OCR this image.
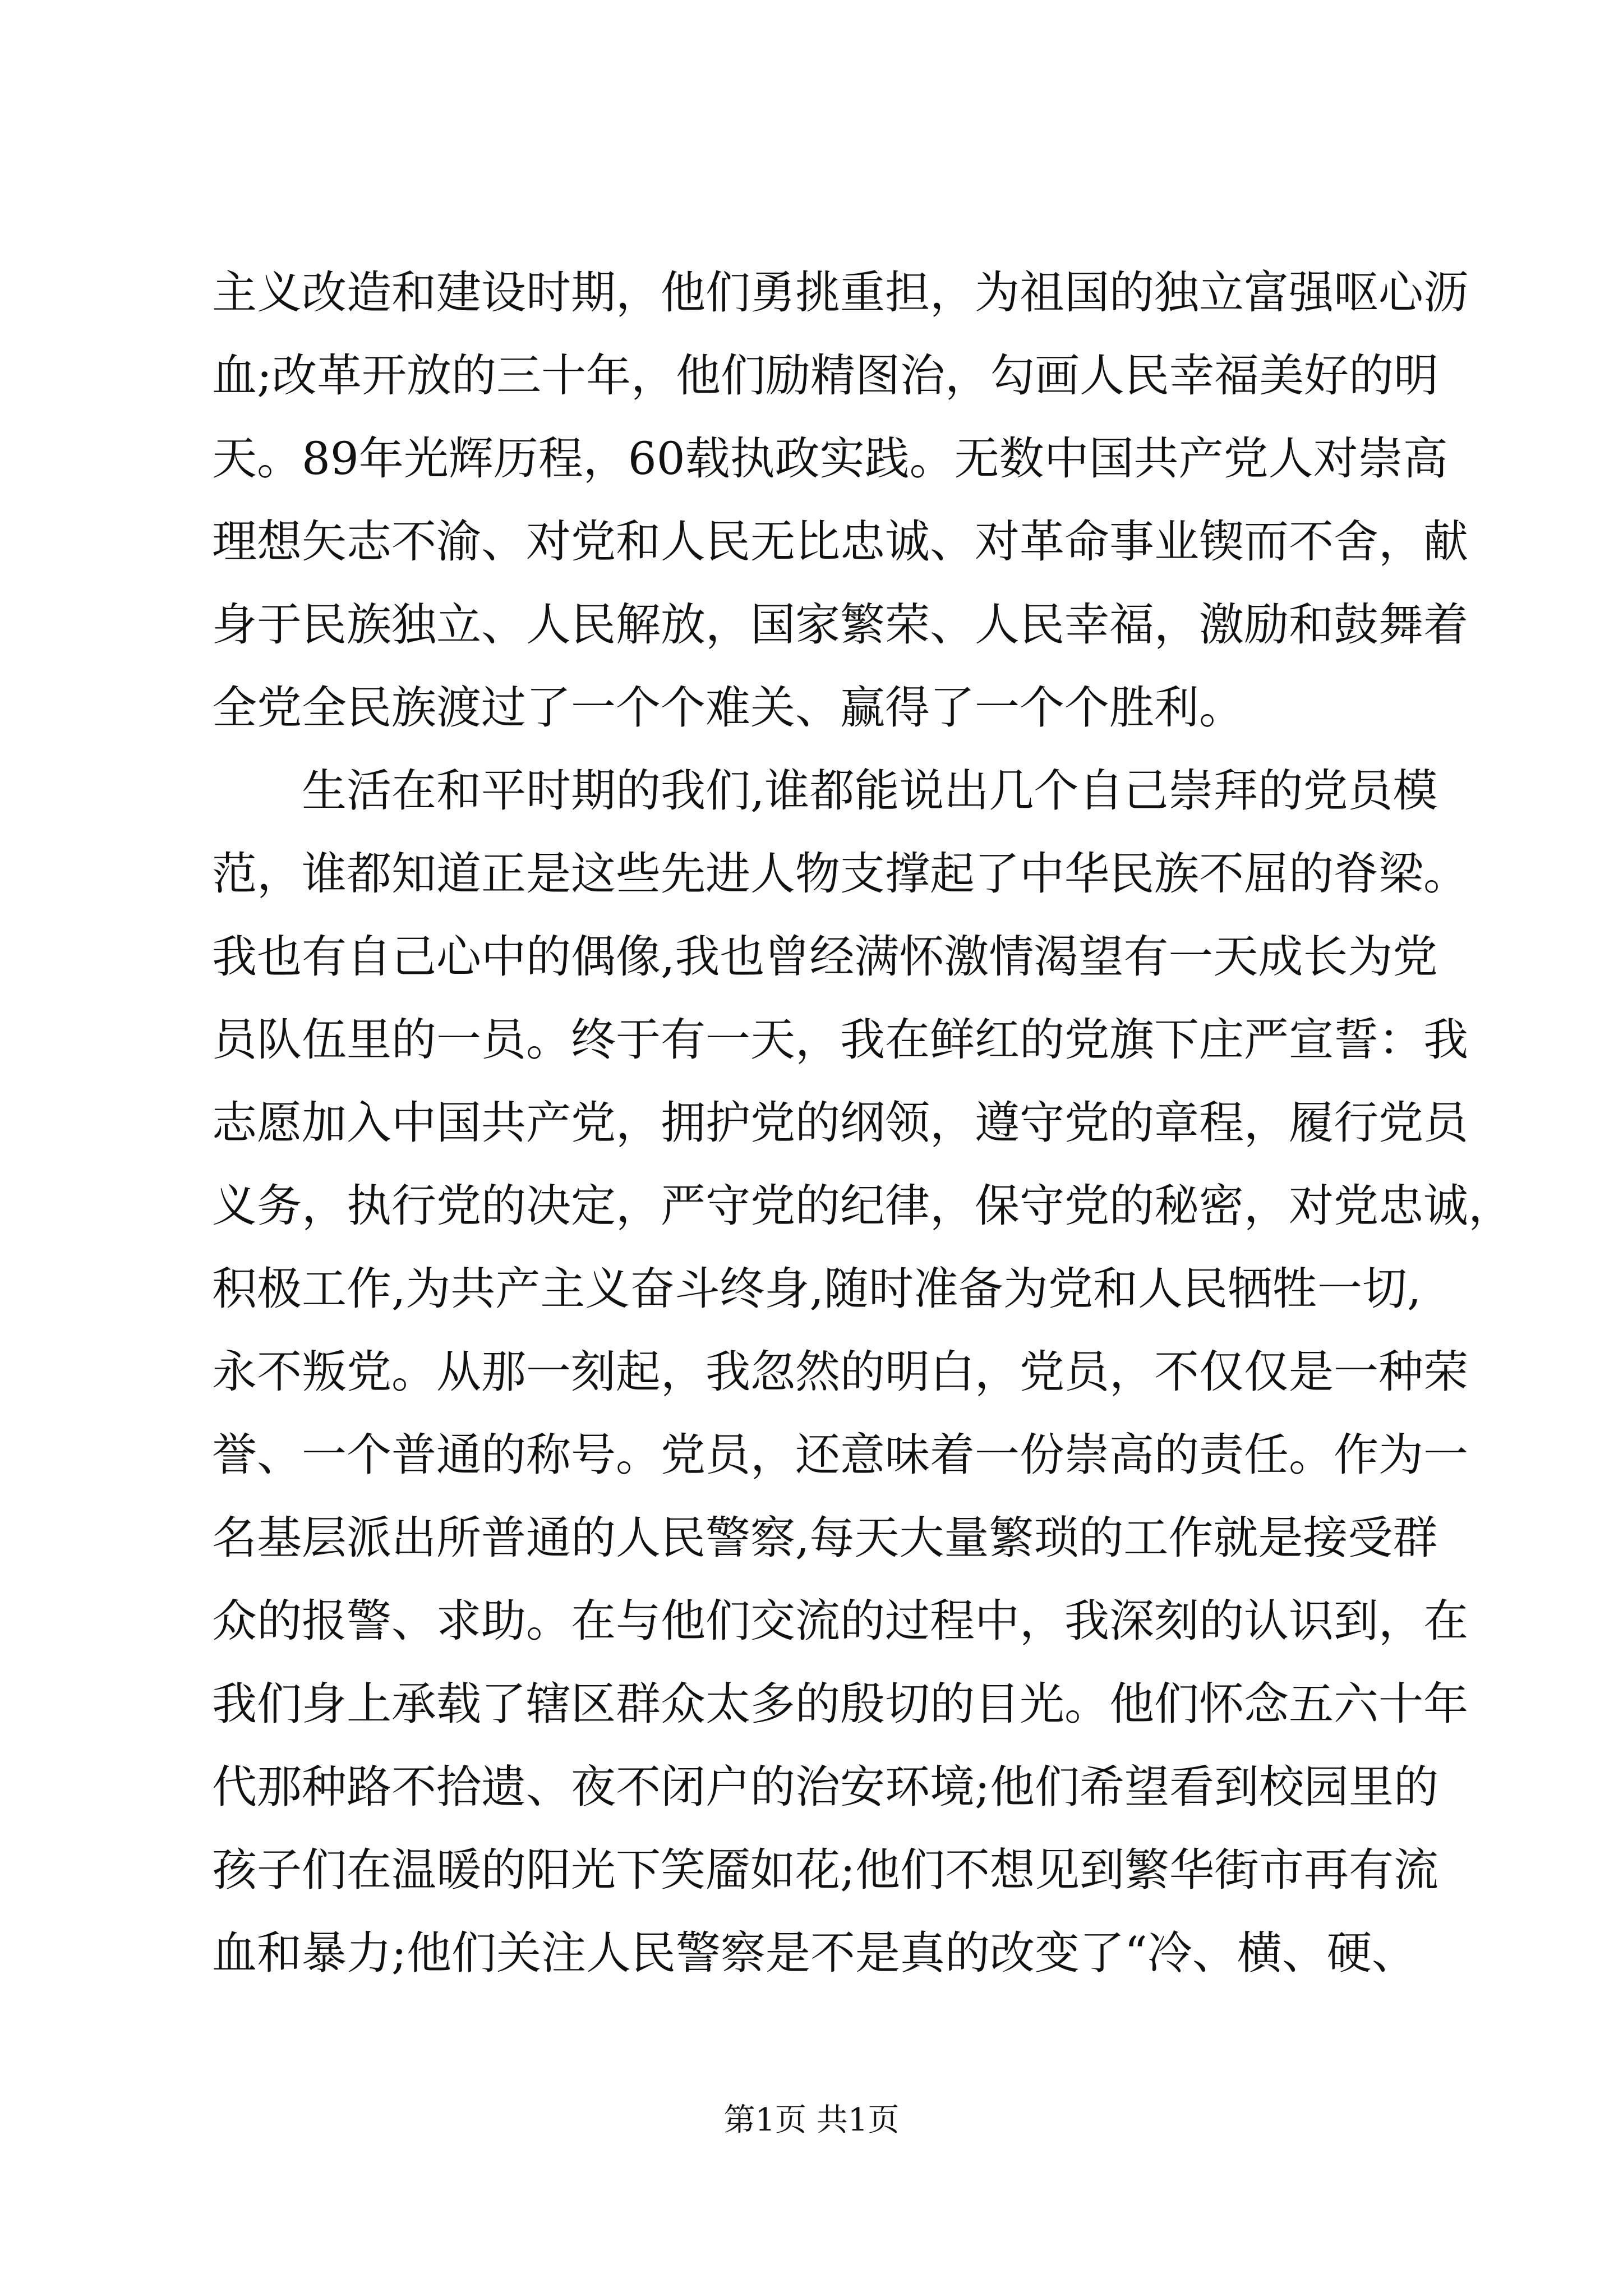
主义改造和建设时期，他们勇挑重担，为祖国的独立富强呕心沥
血;改革开放的三十年，他们励精图治，勾画人民幸福美好的明
天。89年光辉历程，60载执政实践。无数中国共产党人对崇高
理想矢志不渝、对党和人民无比忠诚、对革命事业锲而不舍，献
身于民族独立、人民解放，国家繁荣、人民幸福，激励和鼓舞着
全党全民族渡过了一个个难关、赢得了一个个胜利。
生活在和平时期的我们,谁都能说出几个自己崇拜的党员模
范，谁都知道正是这些先进人物支撑起了中华民族不屈的脊梁。
我也有自己心中的偶像,我也曾经满怀激情渴望有一天成长为党
员队伍里的一员。终于有一天，我在鲜红的党旗下庄严宣誓：我
志愿加入中国共产党，拥护党的纲领，遵守党的章程，履行党员
义务，执行党的决定，严守党的纪律，保守党的秘密，对党忠诚，
积极工作,为共产主义奋斗终身,随时准备为党和人民牺牲一切,
永不叛党。从那一刻起，我忽然的明白，党员，不仅仅是一种荣
誉、一个普通的称号。党员，还意味着一份崇高的责任。作为一
名基层派出所普通的人民警察,每天大量繁琐的工作就是接受群
众的报警、求助。在与他们交流的过程中，我深刻的认识到，在
我们身上承载了辖区群众太多的殷切的目光。他们怀念五六十年
代那种路不拾遗、夜不闭户的治安环境;他们希望看到校园里的
孩子们在温暖的阳光下笑靥如花;他们不想见到繁华街市再有流
血和暴力;他们关注人民警察是不是真的改变了“冷、横、硬、
第1页 共1页
